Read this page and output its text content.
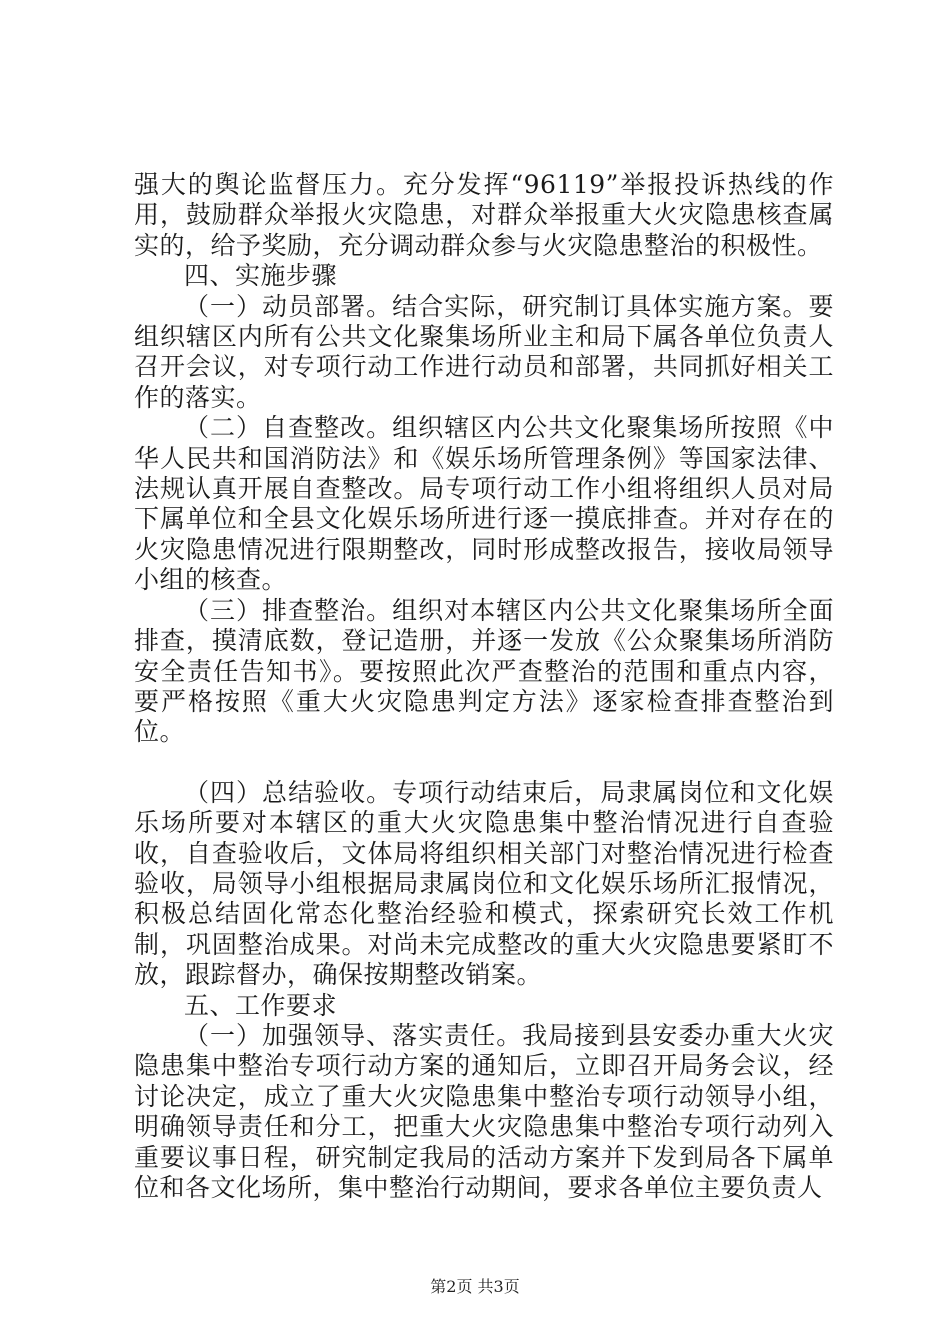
强大的舆论监督压力。充分发挥“96119”举报投诉热线的作用，鼓励群众举报火灾隐患，对群众举报重大火灾隐患核查属实的，给予奖励，充分调动群众参与火灾隐患整治的积极性。

四、实施步骤

（一）动员部署。结合实际，研究制订具体实施方案。要组织辖区内所有公共文化聚集场所业主和局下属各单位负责人召开会议，对专项行动工作进行动员和部署，共同抓好相关工作的落实。

（二）自查整改。组织辖区内公共文化聚集场所按照《中华人民共和国消防法》和《娱乐场所管理条例》等国家法律、法规认真开展自查整改。局专项行动工作小组将组织人员对局下属单位和全县文化娱乐场所进行逐一摸底排查。并对存在的火灾隐患情况进行限期整改，同时形成整改报告，接收局领导小组的核查。

（三）排查整治。组织对本辖区内公共文化聚集场所全面排查，摸清底数，登记造册，并逐一发放《公众聚集场所消防安全责任告知书》。要按照此次严查整治的范围和重点内容，要严格按照《重大火灾隐患判定方法》逐家检查排查整治到位。

（四）总结验收。专项行动结束后，局隶属岗位和文化娱乐场所要对本辖区的重大火灾隐患集中整治情况进行自查验收，自查验收后，文体局将组织相关部门对整治情况进行检查验收，局领导小组根据局隶属岗位和文化娱乐场所汇报情况，积极总结固化常态化整治经验和模式，探索研究长效工作机制，巩固整治成果。对尚未完成整改的重大火灾隐患要紧盯不放，跟踪督办，确保按期整改销案。

五、工作要求

（一）加强领导、落实责任。我局接到县安委办重大火灾隐患集中整治专项行动方案的通知后，立即召开局务会议，经讨论决定，成立了重大火灾隐患集中整治专项行动领导小组，明确领导责任和分工，把重大火灾隐患集中整治专项行动列入重要议事日程，研究制定我局的活动方案并下发到局各下属单位和各文化场所，集中整治行动期间，要求各单位主要负责人

第2页 共3页
